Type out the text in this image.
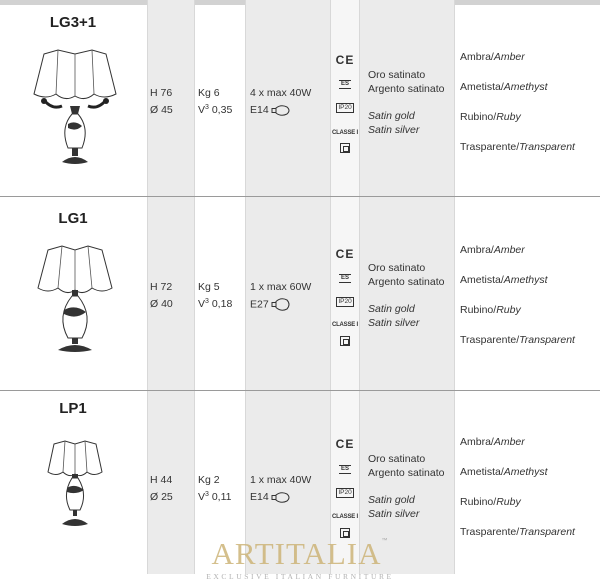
LG3+1
H 76
Ø 45
Kg 6
$V^3$ 0,35
4 x max 40W
E14
CE
ES
IP20
CLASSE I
Oro satinato
Argento satinato
Satin gold
Satin silver
Ambra/Amber
Ametista/Amethyst
Rubino/Ruby
Trasparente/Transparent
LG1
H 72
Ø 40
Kg 5
$V^3$ 0,18
1 x max 60W
E27
CE
ES
IP20
CLASSE I
Oro satinato
Argento satinato
Satin gold
Satin silver
Ambra/Amber
Ametista/Amethyst
Rubino/Ruby
Trasparente/Transparent
LP1
H 44
Ø 25
Kg 2
$V^3$ 0,11
1 x max 40W
E14
CE
ES
IP20
CLASSE I
Oro satinato
Argento satinato
Satin gold
Satin silver
Ambra/Amber
Ametista/Amethyst
Rubino/Ruby
Trasparente/Transparent
ARTITALIA™
EXCLUSIVE ITALIAN FURNITURE
